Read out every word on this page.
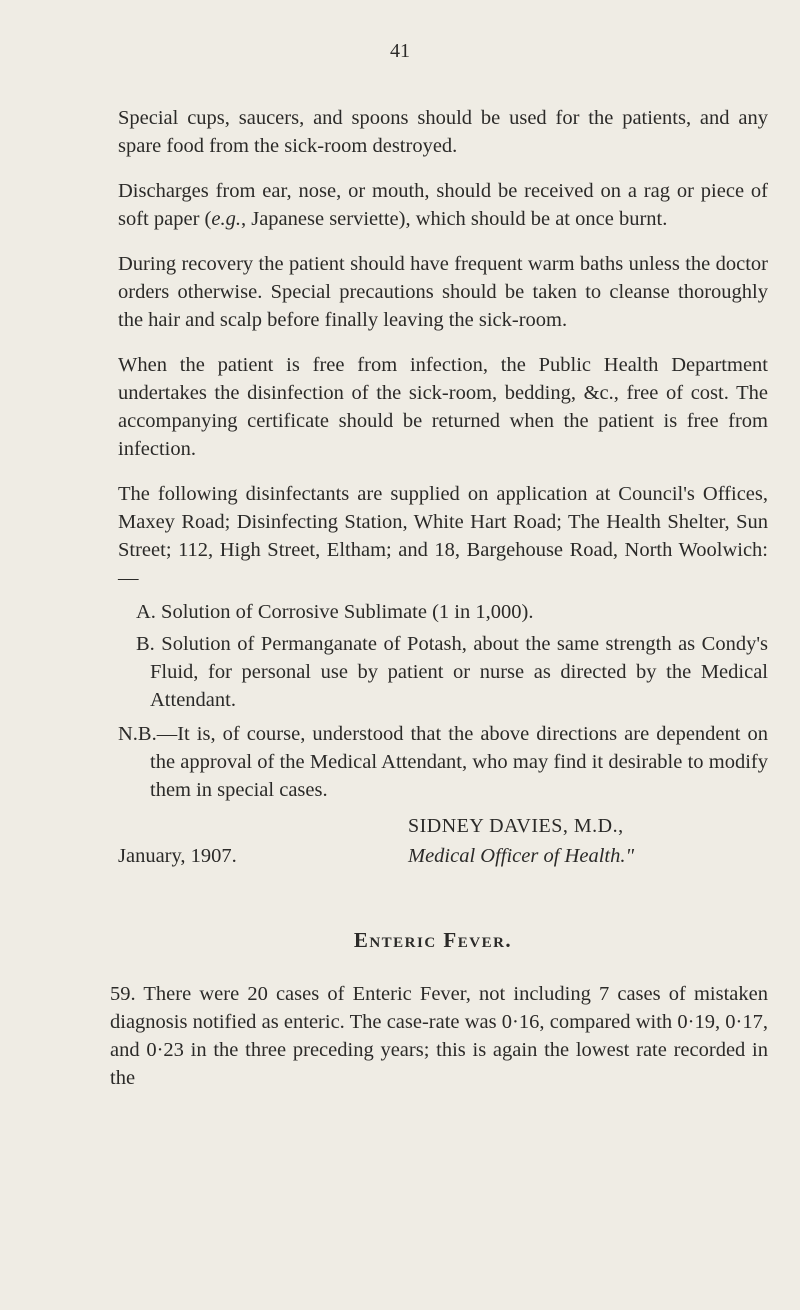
41

Special cups, saucers, and spoons should be used for the patients, and any spare food from the sick-room destroyed.

Discharges from ear, nose, or mouth, should be received on a rag or piece of soft paper (e.g., Japanese serviette), which should be at once burnt.

During recovery the patient should have frequent warm baths unless the doctor orders otherwise. Special precautions should be taken to cleanse thoroughly the hair and scalp before finally leaving the sick-room.

When the patient is free from infection, the Public Health Department undertakes the disinfection of the sick-room, bedding, &c., free of cost. The accompanying certificate should be returned when the patient is free from infection.

The following disinfectants are supplied on application at Council's Offices, Maxey Road; Disinfecting Station, White Hart Road; The Health Shelter, Sun Street; 112, High Street, Eltham; and 18, Bargehouse Road, North Woolwich:—

A. Solution of Corrosive Sublimate (1 in 1,000).

B. Solution of Permanganate of Potash, about the same strength as Condy's Fluid, for personal use by patient or nurse as directed by the Medical Attendant.

N.B.—It is, of course, understood that the above directions are dependent on the approval of the Medical Attendant, who may find it desirable to modify them in special cases.

SIDNEY DAVIES, M.D.,
January, 1907.	Medical Officer of Health."
Enteric Fever.

59. There were 20 cases of Enteric Fever, not including 7 cases of mistaken diagnosis notified as enteric. The case-rate was 0·16, compared with 0·19, 0·17, and 0·23 in the three preceding years; this is again the lowest rate recorded in the
